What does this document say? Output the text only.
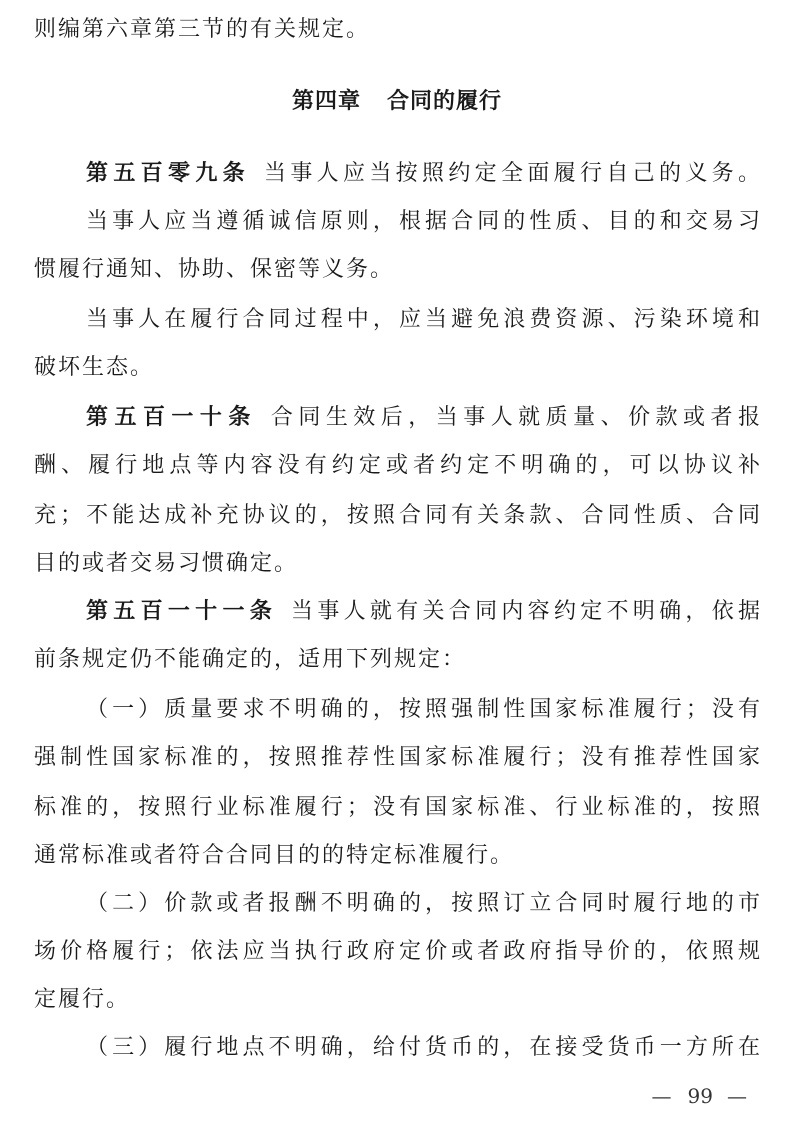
则编第六章第三节的有关规定。
第四章 合同的履行
第五百零九条 当事人应当按照约定全面履行自己的义务。
当事人应当遵循诚信原则，根据合同的性质、目的和交易习
惯履行通知、协助、保密等义务。
当事人在履行合同过程中，应当避免浪费资源、污染环境和
破坏生态。
第五百一十条 合同生效后，当事人就质量、价款或者报
酬、履行地点等内容没有约定或者约定不明确的，可以协议补
充；不能达成补充协议的，按照合同有关条款、合同性质、合同
目的或者交易习惯确定。
第五百一十一条 当事人就有关合同内容约定不明确，依据
前条规定仍不能确定的，适用下列规定：
（一）质量要求不明确的，按照强制性国家标准履行；没有
强制性国家标准的，按照推荐性国家标准履行；没有推荐性国家
标准的，按照行业标准履行；没有国家标准、行业标准的，按照
通常标准或者符合合同目的的特定标准履行。
（二）价款或者报酬不明确的，按照订立合同时履行地的市
场价格履行；依法应当执行政府定价或者政府指导价的，依照规
定履行。
（三）履行地点不明确，给付货币的，在接受货币一方所在
— 99 —
